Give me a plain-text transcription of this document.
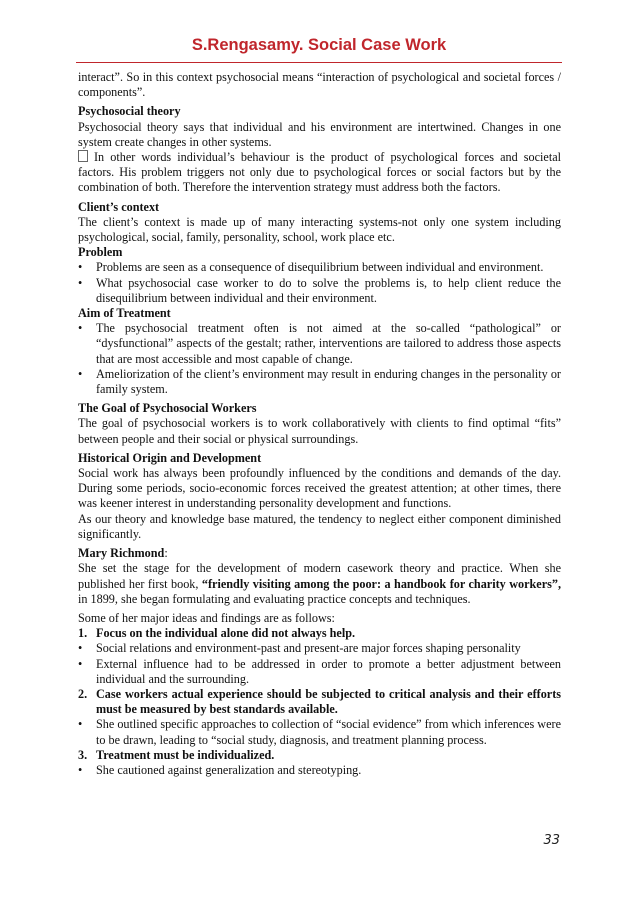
S.Rengasamy. Social Case Work

interact”. So in this context psychosocial means “interaction of psychological and societal forces / components”.

Psychosocial theory

Psychosocial theory says that individual and his environment are intertwined. Changes in one system create changes in other systems.

In other words individual’s behaviour is the product of psychological forces and societal factors. His problem triggers not only due to psychological forces or social factors but by the combination of both. Therefore the intervention strategy must address both the factors.

Client’s context

The client’s context is made up of many interacting systems-not only one system including psychological, social, family, personality, school, work place etc.

Problem

•	Problems are seen as a consequence of disequilibrium between individual and environment.

•	What psychosocial case worker to do to solve the problems is, to help client reduce the disequilibrium between individual and their environment.

Aim of Treatment

•	The psychosocial treatment often is not aimed at the so-called “pathological” or “dysfunctional” aspects of the gestalt; rather, interventions are tailored to address those aspects that are most accessible and most capable of change.

•	Ameliorization of the client’s environment may result in enduring changes in the personality or family system.

The Goal of Psychosocial Workers

The goal of psychosocial workers is to work collaboratively with clients to find optimal “fits” between people and their social or physical surroundings.

Historical Origin and Development

Social work has always been profoundly influenced by the conditions and demands of the day. During some periods, socio-economic forces received the greatest attention; at other times, there was keener interest in understanding personality development and functions.

As our theory and knowledge base matured, the tendency to neglect either component diminished significantly.

Mary Richmond:

She set the stage for the development of modern casework theory and practice. When she published her first book, “friendly visiting among the poor: a handbook for charity workers”, in 1899, she began formulating and evaluating practice concepts and techniques.

Some of her major ideas and findings are as follows:

1. Focus on the individual alone did not always help.

•	Social relations and environment-past and present-are major forces shaping personality

•	External influence had to be addressed in order to promote a better adjustment between individual and the surrounding.

2. Case workers actual experience should be subjected to critical analysis and their efforts must be measured by best standards available.

•	She outlined specific approaches to collection of “social evidence” from which inferences were to be drawn, leading to “social study, diagnosis, and treatment planning process.

3. Treatment must be individualized.

•	She cautioned against generalization and stereotyping.

33
